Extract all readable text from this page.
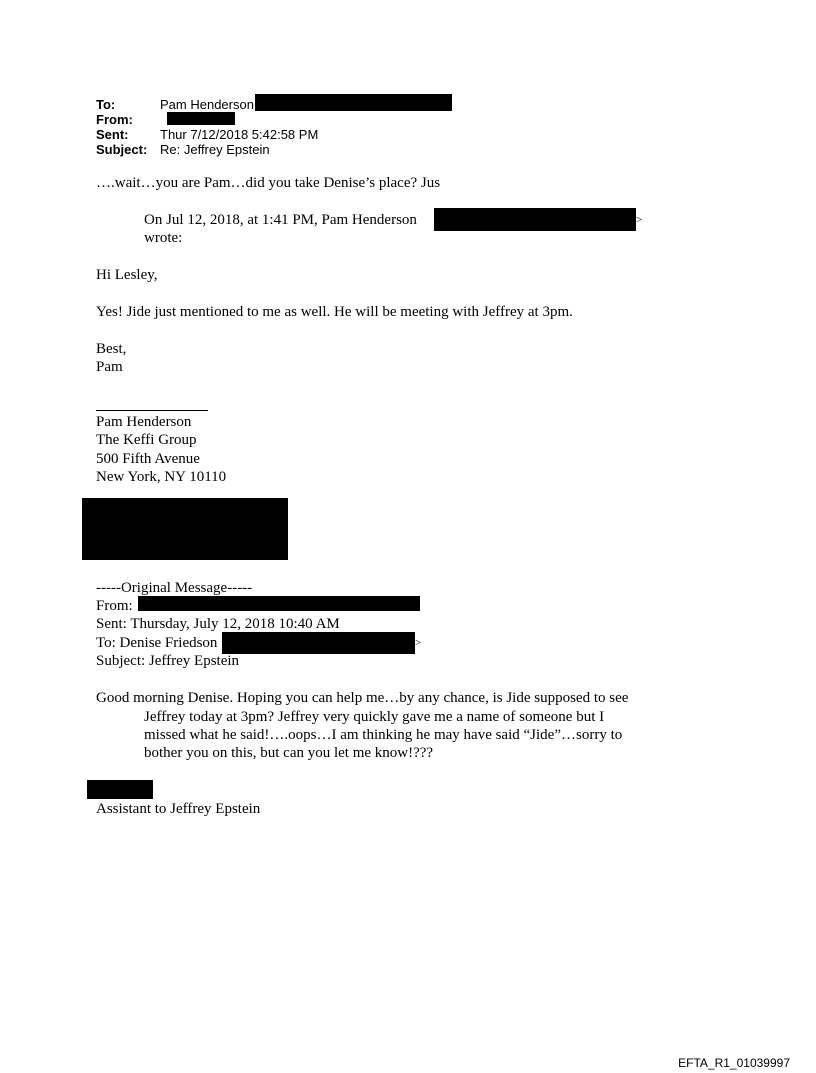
To:	Pam Henderson
From:
Sent: Thur 7/12/2018 5:42:58 PM
Subject: Re: Jeffrey Epstein
….wait…you are Pam…did you take Denise’s place? Jus
On Jul 12, 2018, at 1:41 PM, Pam Henderson	>
wrote:
Hi Lesley,
Yes! Jide just mentioned to me as well. He will be meeting with Jeffrey at 3pm.
Best,
Pam
Pam Henderson
The Keffi Group
500 Fifth Avenue
New York, NY 10110
-----Original Message-----
From:
Sent: Thursday, July 12, 2018 10:40 AM
To: Denise Friedson	>
Subject: Jeffrey Epstein
Good morning Denise. Hoping you can help me…by any chance, is Jide supposed to see
Jeffrey today at 3pm? Jeffrey very quickly gave me a name of someone but I
missed what he said!….oops…I am thinking he may have said “Jide”…sorry to
bother you on this, but can you let me know!???
Assistant to Jeffrey Epstein
EFTA_R1_01039997
